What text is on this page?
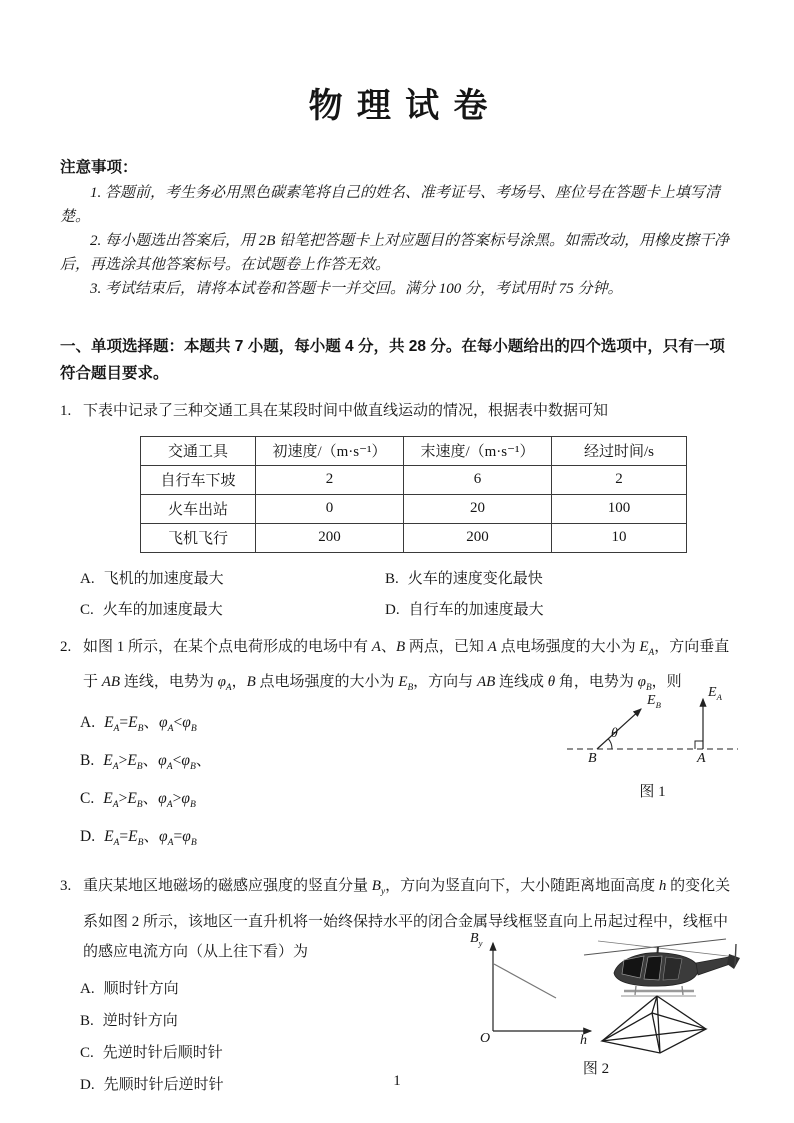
物理试卷
注意事项：

1. 答题前，考生务必用黑色碳素笔将自己的姓名、准考证号、考场号、座位号在答题卡上填写清楚。

2. 每小题选出答案后，用 2B 铅笔把答题卡上对应题目的答案标号涂黑。如需改动，用橡皮擦干净后，再选涂其他答案标号。在试题卷上作答无效。

3. 考试结束后，请将本试卷和答题卡一并交回。满分 100 分，考试用时 75 分钟。

一、单项选择题：本题共 7 小题，每小题 4 分，共 28 分。在每小题给出的四个选项中，只有一项符合题目要求。

1. 下表中记录了三种交通工具在某段时间中做直线运动的情况，根据表中数据可知

交通工具	初速度/（m·s⁻¹）	末速度/（m·s⁻¹）	经过时间/s
自行车下坡	2	6	2
火车出站	0	20	100
飞机飞行	200	200	10
A. 飞机的加速度最大	B. 火车的速度变化最快
C. 火车的加速度最大	D. 自行车的加速度最大

2. 如图 1 所示，在某个点电荷形成的电场中有 A、B 两点，已知 A 点电场强度的大小为 $E_A$，方向垂直于 AB 连线，电势为 $\varphi_A$，B 点电场强度的大小为 $E_B$，方向与 AB 连线成 θ 角，电势为 $\varphi_B$，则

A. $E_A=E_B$、$\varphi_A<\varphi_B$
B. $E_A>E_B$、$\varphi_A<\varphi_B$、
C. $E_A>E_B$、$\varphi_A>\varphi_B$
D. $E_A=E_B$、$\varphi_A=\varphi_B$
$E_B$
θ
B
$E_A$
A
图 1

3. 重庆某地区地磁场的磁感应强度的竖直分量 $B_y$，方向为竖直向下，大小随距离地面高度 h 的变化关系如图 2 所示，该地区一直升机将一始终保持水平的闭合金属导线框竖直向上吊起过程中，线框中的感应电流方向（从上往下看）为

A. 顺时针方向
B. 逆时针方向
C. 先逆时针后顺时针
D. 先顺时针后逆时针
$B_y$
O	h
图 2
1
